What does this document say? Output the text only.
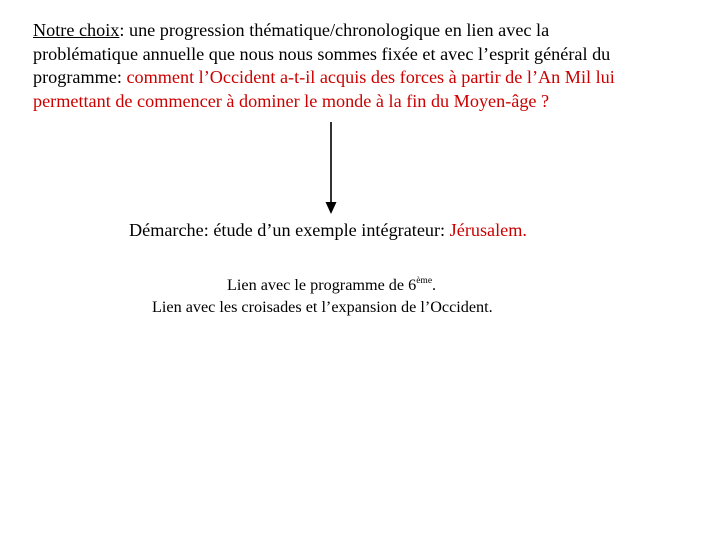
Notre choix: une progression thématique/chronologique en lien avec la
problématique annuelle que nous nous sommes fixée et avec l’esprit général du
programme: comment l’Occident a-t-il acquis des forces à partir de l’An Mil lui
permettant de commencer à dominer le monde à la fin du Moyen-âge ?
Démarche: étude d’un exemple intégrateur: Jérusalem.
Lien avec le programme de 6ème.
Lien avec les croisades et l’expansion de l’Occident.
